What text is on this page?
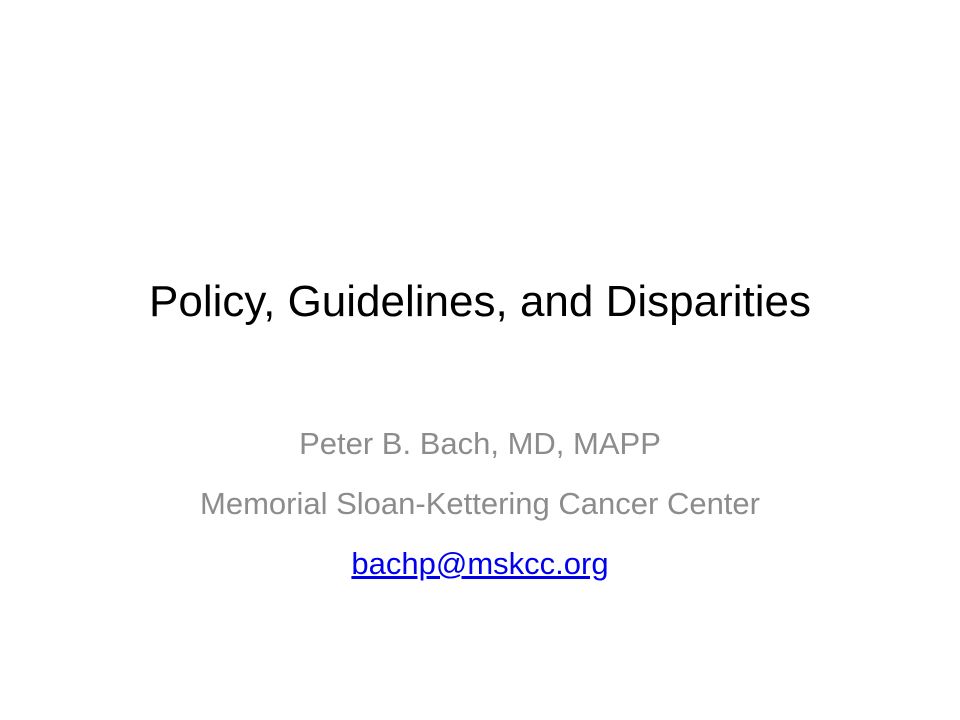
Policy, Guidelines, and Disparities
Peter B. Bach, MD, MAPP
Memorial Sloan-Kettering Cancer Center
bachp@mskcc.org
